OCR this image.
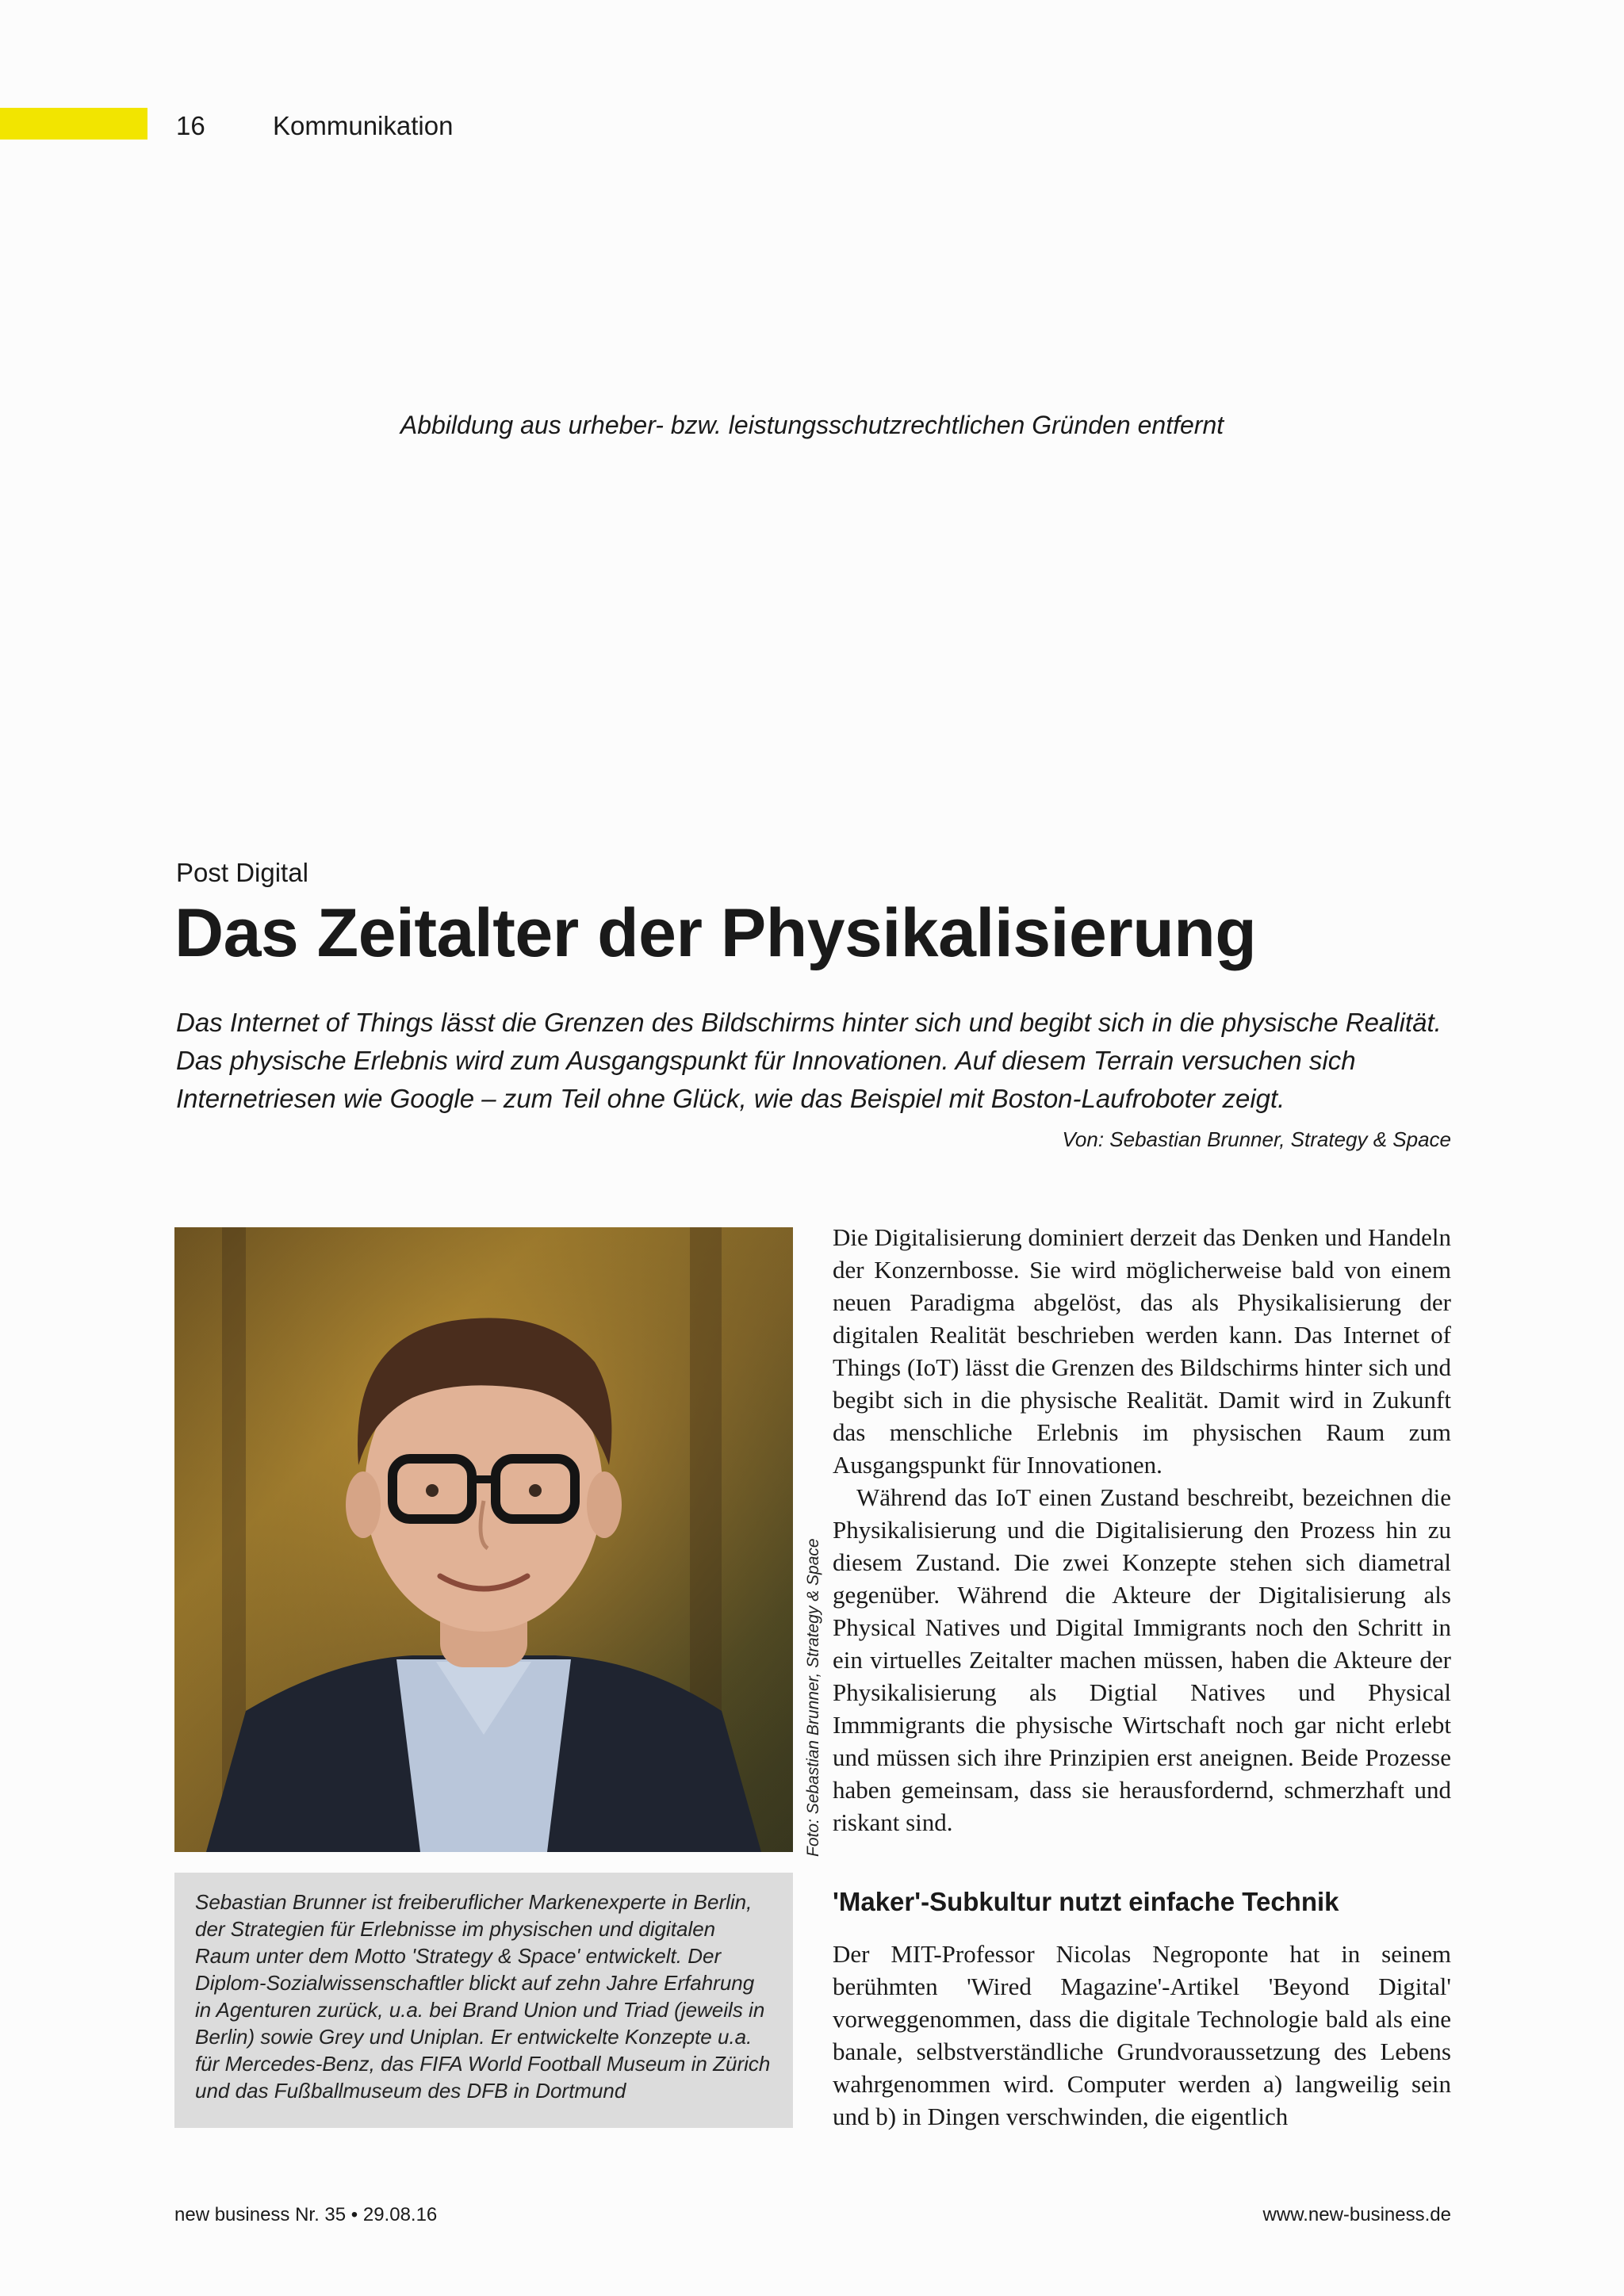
16	Kommunikation
Abbildung aus urheber- bzw. leistungsschutzrechtlichen Gründen entfernt
Post Digital
Das Zeitalter der Physikalisierung

Das Internet of Things lässt die Grenzen des Bildschirms hinter sich und begibt sich in die physische Realität. Das physische Erlebnis wird zum Ausgangspunkt für Innovationen. Auf diesem Terrain versuchen sich Internetriesen wie Google – zum Teil ohne Glück, wie das Beispiel mit Boston-Laufroboter zeigt.

Von: Sebastian Brunner, Strategy & Space
Foto: Sebastian Brunner, Strategy & Space

Sebastian Brunner ist freiberuflicher Markenexperte in Berlin, der Strategien für Erlebnisse im physischen und digitalen Raum unter dem Motto 'Strategy & Space' entwickelt. Der Diplom-Sozialwissenschaftler blickt auf zehn Jahre Erfahrung in Agenturen zurück, u.a. bei Brand Union und Triad (jeweils in Berlin) sowie Grey und Uniplan. Er entwickelte Konzepte u.a. für Mercedes-Benz, das FIFA World Football Museum in Zürich und das Fußballmuseum des DFB in Dortmund

Die Digitalisierung dominiert derzeit das Denken und Handeln der Konzernbosse. Sie wird möglicherweise bald von einem neuen Paradigma abgelöst, das als Physikalisierung der digitalen Realität beschrieben werden kann. Das Internet of Things (IoT) lässt die Grenzen des Bildschirms hinter sich und begibt sich in die physische Realität. Damit wird in Zukunft das menschliche Erlebnis im physischen Raum zum Ausgangspunkt für Innovationen.

Während das IoT einen Zustand beschreibt, bezeichnen die Physikalisierung und die Digitalisierung den Prozess hin zu diesem Zustand. Die zwei Konzepte stehen sich diametral gegenüber. Während die Akteure der Digitalisierung als Physical Natives und Digital Immigrants noch den Schritt in ein virtuelles Zeitalter machen müssen, haben die Akteure der Physikalisierung als Digtial Natives und Physical Immmigrants die physische Wirtschaft noch gar nicht erlebt und müssen sich ihre Prinzipien erst aneignen. Beide Prozesse haben gemeinsam, dass sie herausfordernd, schmerzhaft und riskant sind.

'Maker'-Subkultur nutzt einfache Technik

Der MIT-Professor Nicolas Negroponte hat in seinem berühmten 'Wired Magazine'-Artikel 'Beyond Digital' vorweggenommen, dass die digitale Technologie bald als eine banale, selbstverständliche Grundvoraussetzung des Lebens wahrgenommen wird. Computer werden a) langweilig sein und b) in Dingen verschwinden, die eigentlich

new business Nr. 35 • 29.08.16	www.new-business.de
